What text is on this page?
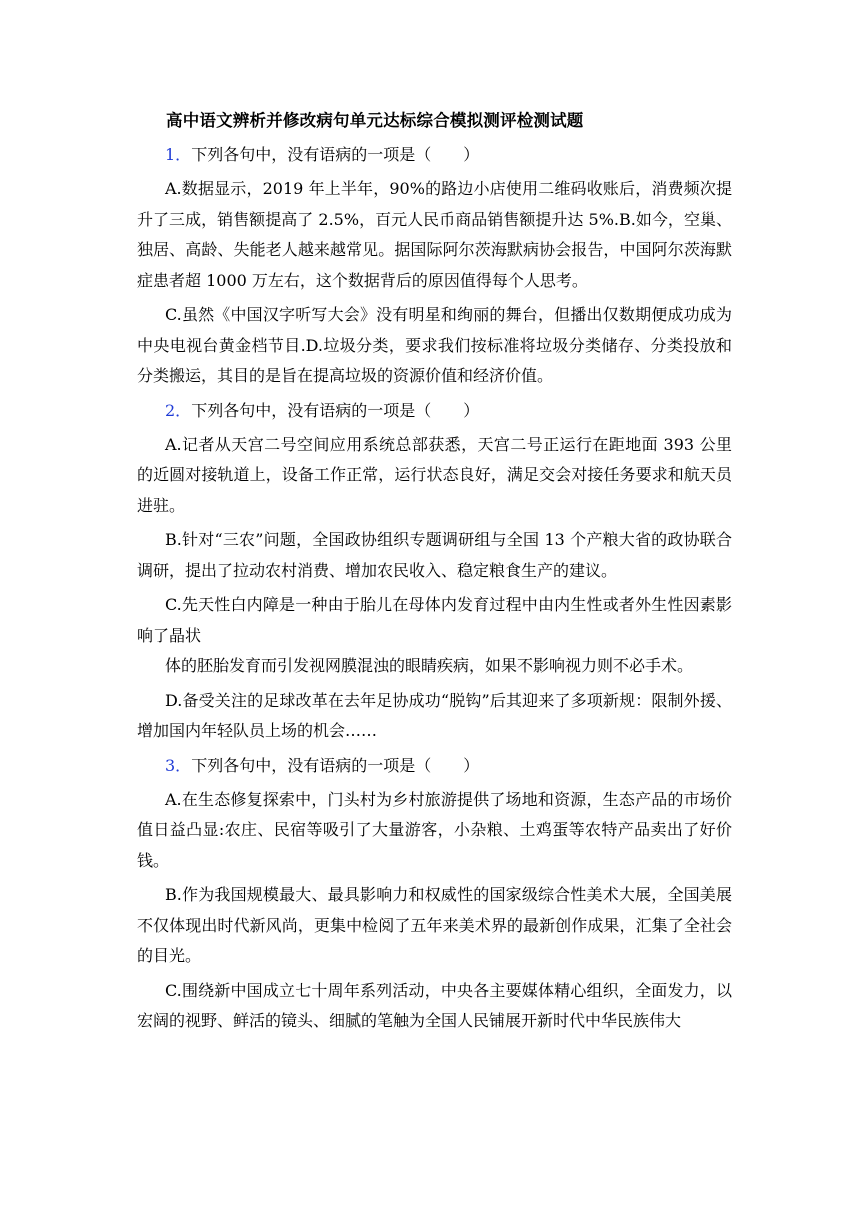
高中语文辨析并修改病句单元达标综合模拟测评检测试题
1．下列各句中，没有语病的一项是（　　）
A.数据显示，2019 年上半年，90%的路边小店使用二维码收账后，消费频次提升了三成，销售额提高了 2.5%，百元人民币商品销售额提升达 5%.B.如今，空巢、独居、高龄、失能老人越来越常见。据国际阿尔茨海默病协会报告，中国阿尔茨海默症患者超 1000 万左右，这个数据背后的原因值得每个人思考。
C.虽然《中国汉字听写大会》没有明星和绚丽的舞台，但播出仅数期便成功成为中央电视台黄金档节目.D.垃圾分类，要求我们按标准将垃圾分类储存、分类投放和分类搬运，其目的是旨在提高垃圾的资源价值和经济价值。
2．下列各句中，没有语病的一项是（　　）
A.记者从天宫二号空间应用系统总部获悉，天宫二号正运行在距地面 393 公里的近圆对接轨道上，设备工作正常，运行状态良好，满足交会对接任务要求和航天员进驻。
B.针对“三农”问题，全国政协组织专题调研组与全国 13 个产粮大省的政协联合调研，提出了拉动农村消费、增加农民收入、稳定粮食生产的建议。
C.先天性白内障是一种由于胎儿在母体内发育过程中由内生性或者外生性因素影响了晶状
体的胚胎发育而引发视网膜混浊的眼睛疾病，如果不影响视力则不必手术。
D.备受关注的足球改革在去年足协成功“脱钩”后其迎来了多项新规：限制外援、增加国内年轻队员上场的机会……
3．下列各句中，没有语病的一项是（　　）
A.在生态修复探索中，门头村为乡村旅游提供了场地和资源，生态产品的市场价值日益凸显:农庄、民宿等吸引了大量游客，小杂粮、土鸡蛋等农特产品卖出了好价钱。
B.作为我国规模最大、最具影响力和权威性的国家级综合性美术大展，全国美展不仅体现出时代新风尚，更集中检阅了五年来美术界的最新创作成果，汇集了全社会的目光。
C.围绕新中国成立七十周年系列活动，中央各主要媒体精心组织，全面发力，以宏阔的视野、鲜活的镜头、细腻的笔触为全国人民铺展开新时代中华民族伟大
